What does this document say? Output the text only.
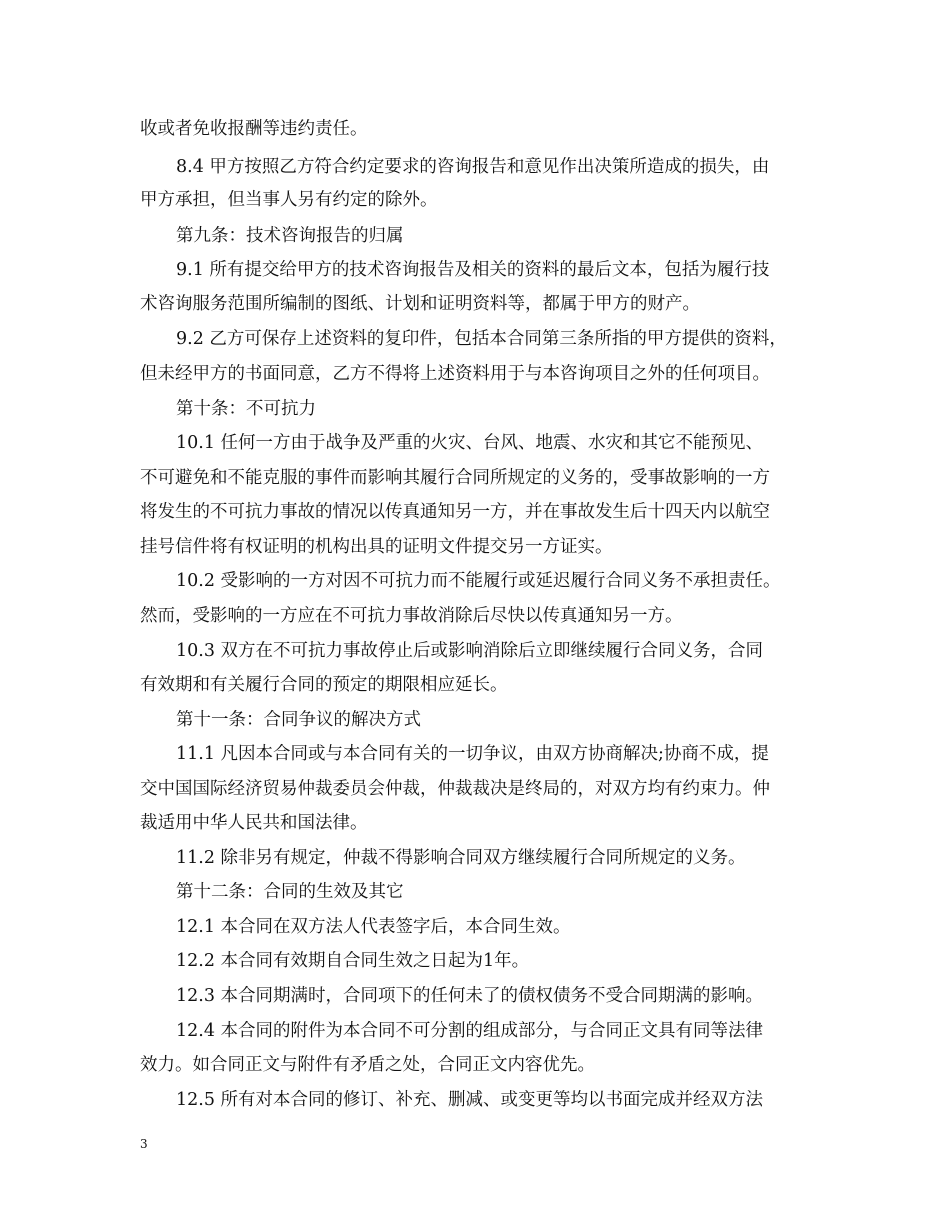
收或者免收报酬等违约责任。
8.4 甲方按照乙方符合约定要求的咨询报告和意见作出决策所造成的损失，由
甲方承担，但当事人另有约定的除外。
第九条：技术咨询报告的归属
9.1 所有提交给甲方的技术咨询报告及相关的资料的最后文本，包括为履行技
术咨询服务范围所编制的图纸、计划和证明资料等，都属于甲方的财产。
9.2 乙方可保存上述资料的复印件，包括本合同第三条所指的甲方提供的资料，
但未经甲方的书面同意，乙方不得将上述资料用于与本咨询项目之外的任何项目。
第十条：不可抗力
10.1 任何一方由于战争及严重的火灾、台风、地震、水灾和其它不能预见、
不可避免和不能克服的事件而影响其履行合同所规定的义务的，受事故影响的一方
将发生的不可抗力事故的情况以传真通知另一方，并在事故发生后十四天内以航空
挂号信件将有权证明的机构出具的证明文件提交另一方证实。
10.2 受影响的一方对因不可抗力而不能履行或延迟履行合同义务不承担责任。
然而，受影响的一方应在不可抗力事故消除后尽快以传真通知另一方。
10.3 双方在不可抗力事故停止后或影响消除后立即继续履行合同义务，合同
有效期和有关履行合同的预定的期限相应延长。
第十一条：合同争议的解决方式
11.1 凡因本合同或与本合同有关的一切争议，由双方协商解决;协商不成，提
交中国国际经济贸易仲裁委员会仲裁，仲裁裁决是终局的，对双方均有约束力。仲
裁适用中华人民共和国法律。
11.2 除非另有规定，仲裁不得影响合同双方继续履行合同所规定的义务。
第十二条：合同的生效及其它
12.1 本合同在双方法人代表签字后，本合同生效。
12.2 本合同有效期自合同生效之日起为1年。
12.3 本合同期满时，合同项下的任何未了的债权债务不受合同期满的影响。
12.4 本合同的附件为本合同不可分割的组成部分，与合同正文具有同等法律
效力。如合同正文与附件有矛盾之处，合同正文内容优先。
12.5 所有对本合同的修订、补充、删减、或变更等均以书面完成并经双方法
3
